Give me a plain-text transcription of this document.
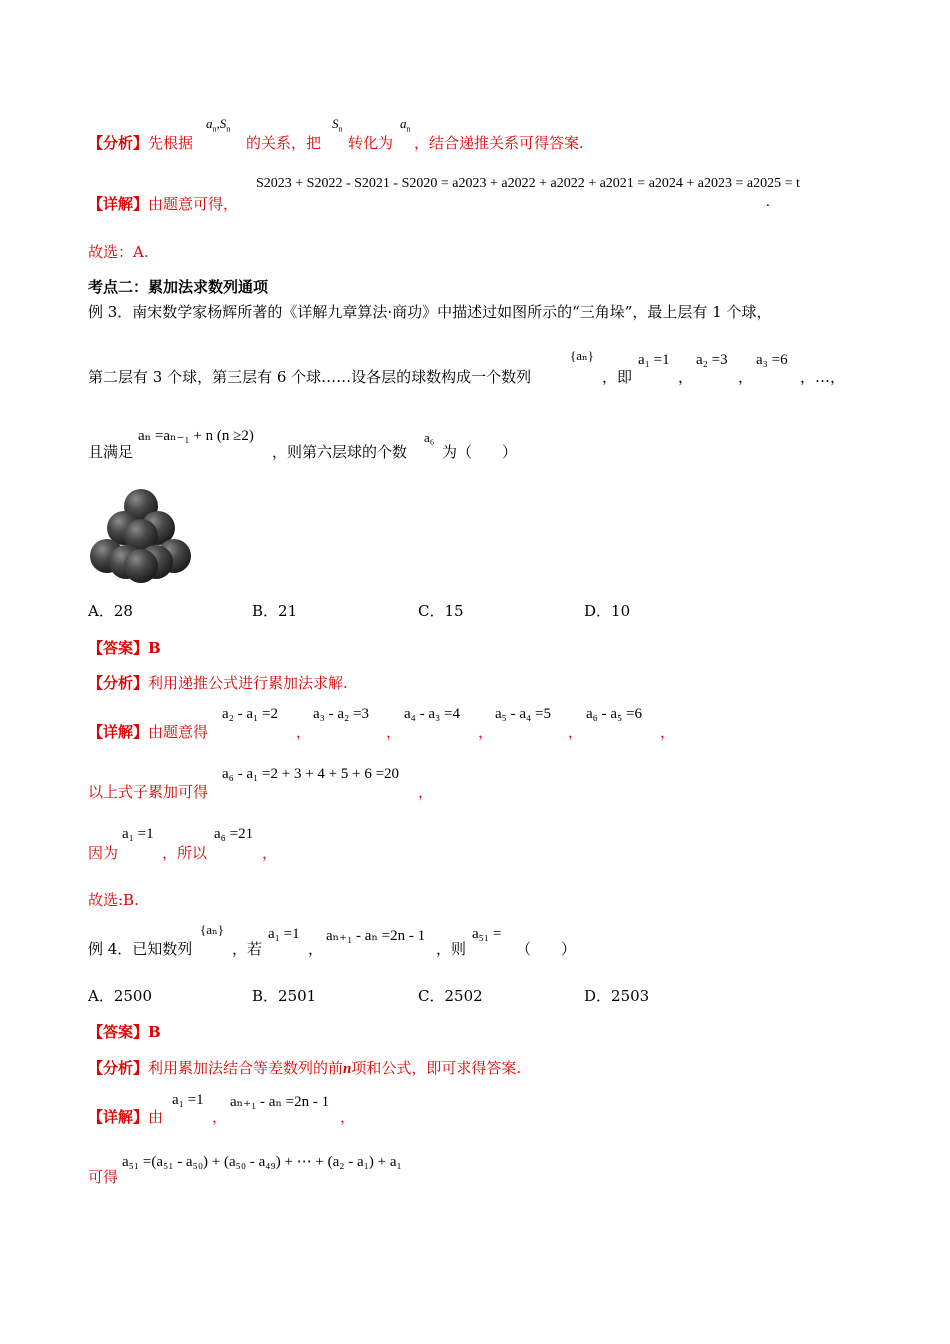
【分析】先根据
$a_n,S_n$
的关系，把
$S_n$
转化为
$a_n$
，结合递推关系可得答案.
【详解】由题意可得，
S2023 + S2022 - S2021 - S2020 = a2023 + a2022 + a2022 + a2021 = a2024 + a2023 = a2025 = t
.
故选：A.
考点二：累加法求数列通项
例 3．南宋数学家杨辉所著的《详解九章算法·商功》中描述过如图所示的“三角垛”，最上层有 1 个球，
第二层有 3 个球，第三层有 6 个球……设各层的球数构成一个数列
{aₙ}
，即
a₁ =1
，
a₂ =3
，
a₃ =6
，…，
且满足
aₙ =aₙ₋₁ + n (n ≥2)
，则第六层球的个数
a₆
为（　　）
A．28	B．21	C．15	D．10
【答案】B
【分析】利用递推公式进行累加法求解.
【详解】由题意得
a₂ - a₁ =2
，
a₃ - a₂ =3
，
a₄ - a₃ =4
，
a₅ - a₄ =5
，
a₆ - a₅ =6
，
以上式子累加可得
a₆ - a₁ =2 + 3 + 4 + 5 + 6 =20
，
因为
a₁ =1
，所以
a₆ =21
，
故选:B.
例 4．已知数列
{aₙ}
，若
a₁ =1
，
aₙ₊₁ - aₙ =2n - 1
，则
a₅₁ =
（　　）
A．2500	B．2501	C．2502	D．2503
【答案】B
【分析】利用累加法结合等差数列的前n项和公式，即可求得答案.
【详解】由
a₁ =1
，
aₙ₊₁ - aₙ =2n - 1
，
可得
a₅₁ =(a₅₁ - a₅₀) + (a₅₀ - a₄₉) + ⋯ + (a₂ - a₁) + a₁
